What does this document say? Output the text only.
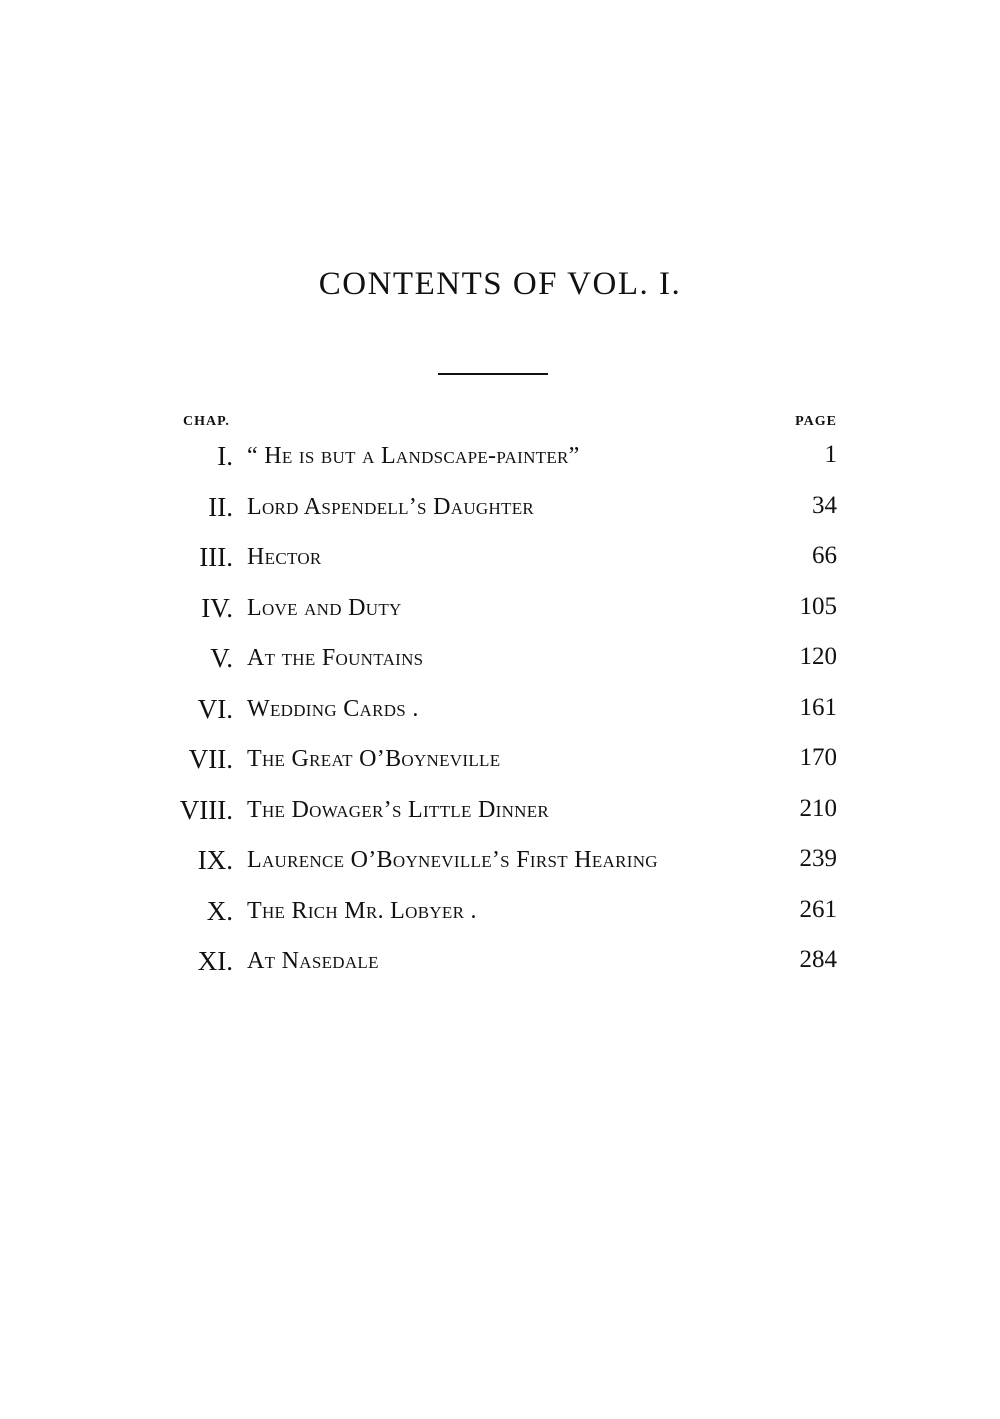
CONTENTS OF VOL. I.
CHAP.	PAGE
I. “ He is but a Landscape-painter”	1
II. Lord Aspendell’s Daughter	34
III. Hector	66
IV. Love and Duty	105
V. At the Fountains	120
VI. Wedding Cards .	161
VII. The Great O’Boyneville	170
VIII. The Dowager’s Little Dinner	210
IX. Laurence O’Boyneville’s First Hearing	239
X. The Rich Mr. Lobyer .	261
XI. At Nasedale	284
